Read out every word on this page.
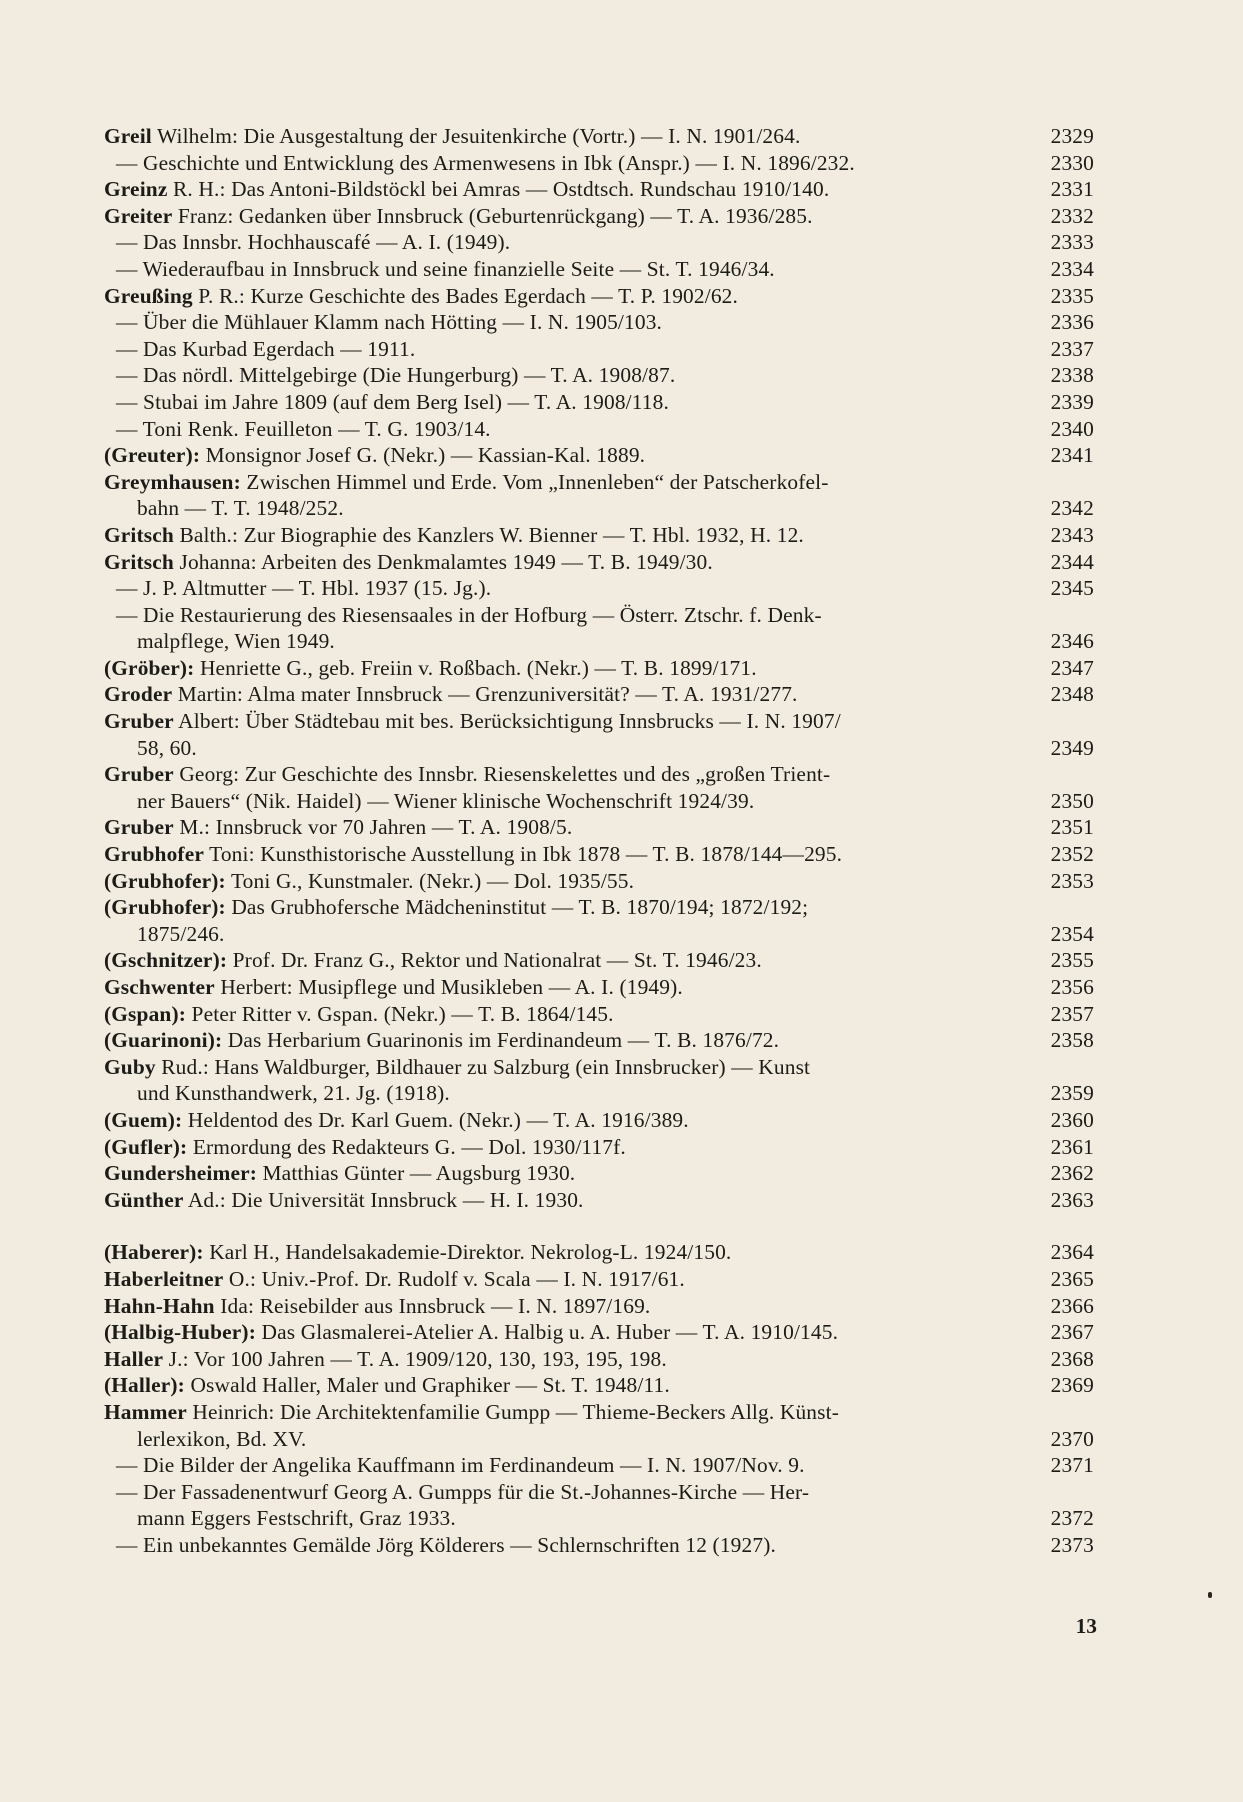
Greil Wilhelm: Die Ausgestaltung der Jesuitenkirche (Vortr.) — I. N. 1901/264.	2329
— Geschichte und Entwicklung des Armenwesens in Ibk (Anspr.) — I. N. 1896/232.	2330
Greinz R. H.: Das Antoni-Bildstöckl bei Amras — Ostdtsch. Rundschau 1910/140.	2331
Greiter Franz: Gedanken über Innsbruck (Geburtenrückgang) — T. A. 1936/285.	2332
— Das Innsbr. Hochhauscafé — A. I. (1949).	2333
— Wiederaufbau in Innsbruck und seine finanzielle Seite — St. T. 1946/34.	2334
Greußing P. R.: Kurze Geschichte des Bades Egerdach — T. P. 1902/62.	2335
— Über die Mühlauer Klamm nach Hötting — I. N. 1905/103.	2336
— Das Kurbad Egerdach — 1911.	2337
— Das nördl. Mittelgebirge (Die Hungerburg) — T. A. 1908/87.	2338
— Stubai im Jahre 1809 (auf dem Berg Isel) — T. A. 1908/118.	2339
— Toni Renk. Feuilleton — T. G. 1903/14.	2340
(Greuter): Monsignor Josef G. (Nekr.) — Kassian-Kal. 1889.	2341
Greymhausen: Zwischen Himmel und Erde. Vom „Innenleben“ der Patscherkofel-
bahn — T. T. 1948/252.	2342
Gritsch Balth.: Zur Biographie des Kanzlers W. Bienner — T. Hbl. 1932, H. 12.	2343
Gritsch Johanna: Arbeiten des Denkmalamtes 1949 — T. B. 1949/30.	2344
— J. P. Altmutter — T. Hbl. 1937 (15. Jg.).	2345
— Die Restaurierung des Riesensaales in der Hofburg — Österr. Ztschr. f. Denk-
malpflege, Wien 1949.	2346
(Gröber): Henriette G., geb. Freiin v. Roßbach. (Nekr.) — T. B. 1899/171.	2347
Groder Martin: Alma mater Innsbruck — Grenzuniversität? — T. A. 1931/277.	2348
Gruber Albert: Über Städtebau mit bes. Berücksichtigung Innsbrucks — I. N. 1907/
58, 60.	2349
Gruber Georg: Zur Geschichte des Innsbr. Riesenskelettes und des „großen Trient-
ner Bauers“ (Nik. Haidel) — Wiener klinische Wochenschrift 1924/39.	2350
Gruber M.: Innsbruck vor 70 Jahren — T. A. 1908/5.	2351
Grubhofer Toni: Kunsthistorische Ausstellung in Ibk 1878 — T. B. 1878/144—295.	2352
(Grubhofer): Toni G., Kunstmaler. (Nekr.) — Dol. 1935/55.	2353
(Grubhofer): Das Grubhofersche Mädcheninstitut — T. B. 1870/194; 1872/192;
1875/246.	2354
(Gschnitzer): Prof. Dr. Franz G., Rektor und Nationalrat — St. T. 1946/23.	2355
Gschwenter Herbert: Musipflege und Musikleben — A. I. (1949).	2356
(Gspan): Peter Ritter v. Gspan. (Nekr.) — T. B. 1864/145.	2357
(Guarinoni): Das Herbarium Guarinonis im Ferdinandeum — T. B. 1876/72.	2358
Guby Rud.: Hans Waldburger, Bildhauer zu Salzburg (ein Innsbrucker) — Kunst
und Kunsthandwerk, 21. Jg. (1918).	2359
(Guem): Heldentod des Dr. Karl Guem. (Nekr.) — T. A. 1916/389.	2360
(Gufler): Ermordung des Redakteurs G. — Dol. 1930/117f.	2361
Gundersheimer: Matthias Günter — Augsburg 1930.	2362
Günther Ad.: Die Universität Innsbruck — H. I. 1930.	2363
(Haberer): Karl H., Handelsakademie-Direktor. Nekrolog-L. 1924/150.	2364
Haberleitner O.: Univ.-Prof. Dr. Rudolf v. Scala — I. N. 1917/61.	2365
Hahn-Hahn Ida: Reisebilder aus Innsbruck — I. N. 1897/169.	2366
(Halbig-Huber): Das Glasmalerei-Atelier A. Halbig u. A. Huber — T. A. 1910/145.	2367
Haller J.: Vor 100 Jahren — T. A. 1909/120, 130, 193, 195, 198.	2368
(Haller): Oswald Haller, Maler und Graphiker — St. T. 1948/11.	2369
Hammer Heinrich: Die Architektenfamilie Gumpp — Thieme-Beckers Allg. Künst-
lerlexikon, Bd. XV.	2370
— Die Bilder der Angelika Kauffmann im Ferdinandeum — I. N. 1907/Nov. 9.	2371
— Der Fassadenentwurf Georg A. Gumpps für die St.-Johannes-Kirche — Her-
mann Eggers Festschrift, Graz 1933.	2372
— Ein unbekanntes Gemälde Jörg Kölderers — Schlernschriften 12 (1927).	2373
13
